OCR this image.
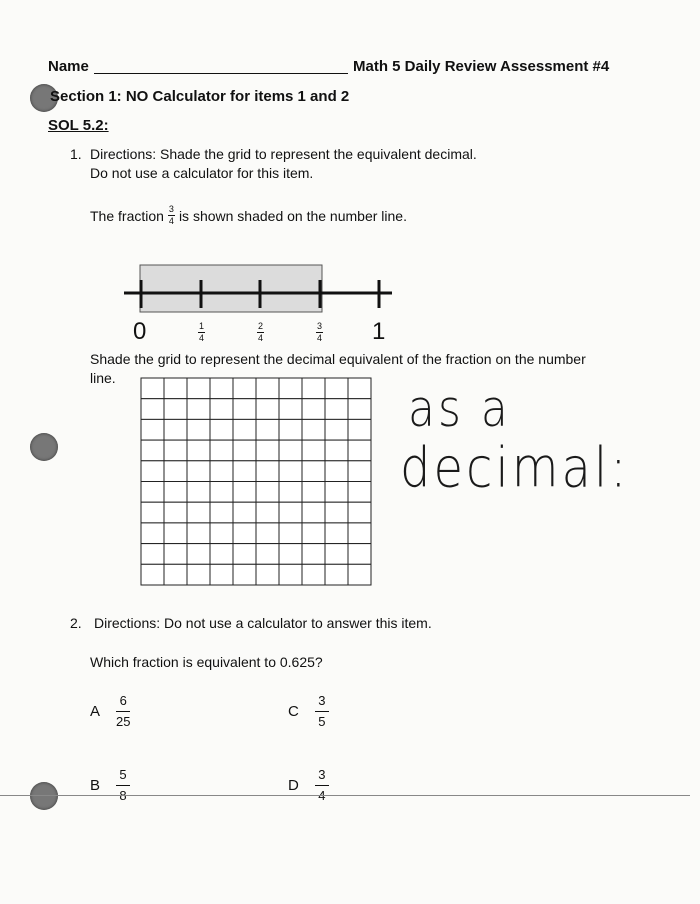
Name	Math 5 Daily Review Assessment #4
Section 1: NO Calculator for items 1 and 2
SOL 5.2:
1. Directions: Shade the grid to represent the equivalent decimal.
Do not use a calculator for this item.
The fraction $\frac{3}{4}$ is shown shaded on the number line.
0	1
4
2
4
3
4 1
Shade the grid to represent the decimal equivalent of the fraction on the number
line.
as a
decimal:
2. Directions: Do not use a calculator to answer this item.
Which fraction is equivalent to 0.625?
A
6
25
C
3
5
B
5
8
D
3
4
